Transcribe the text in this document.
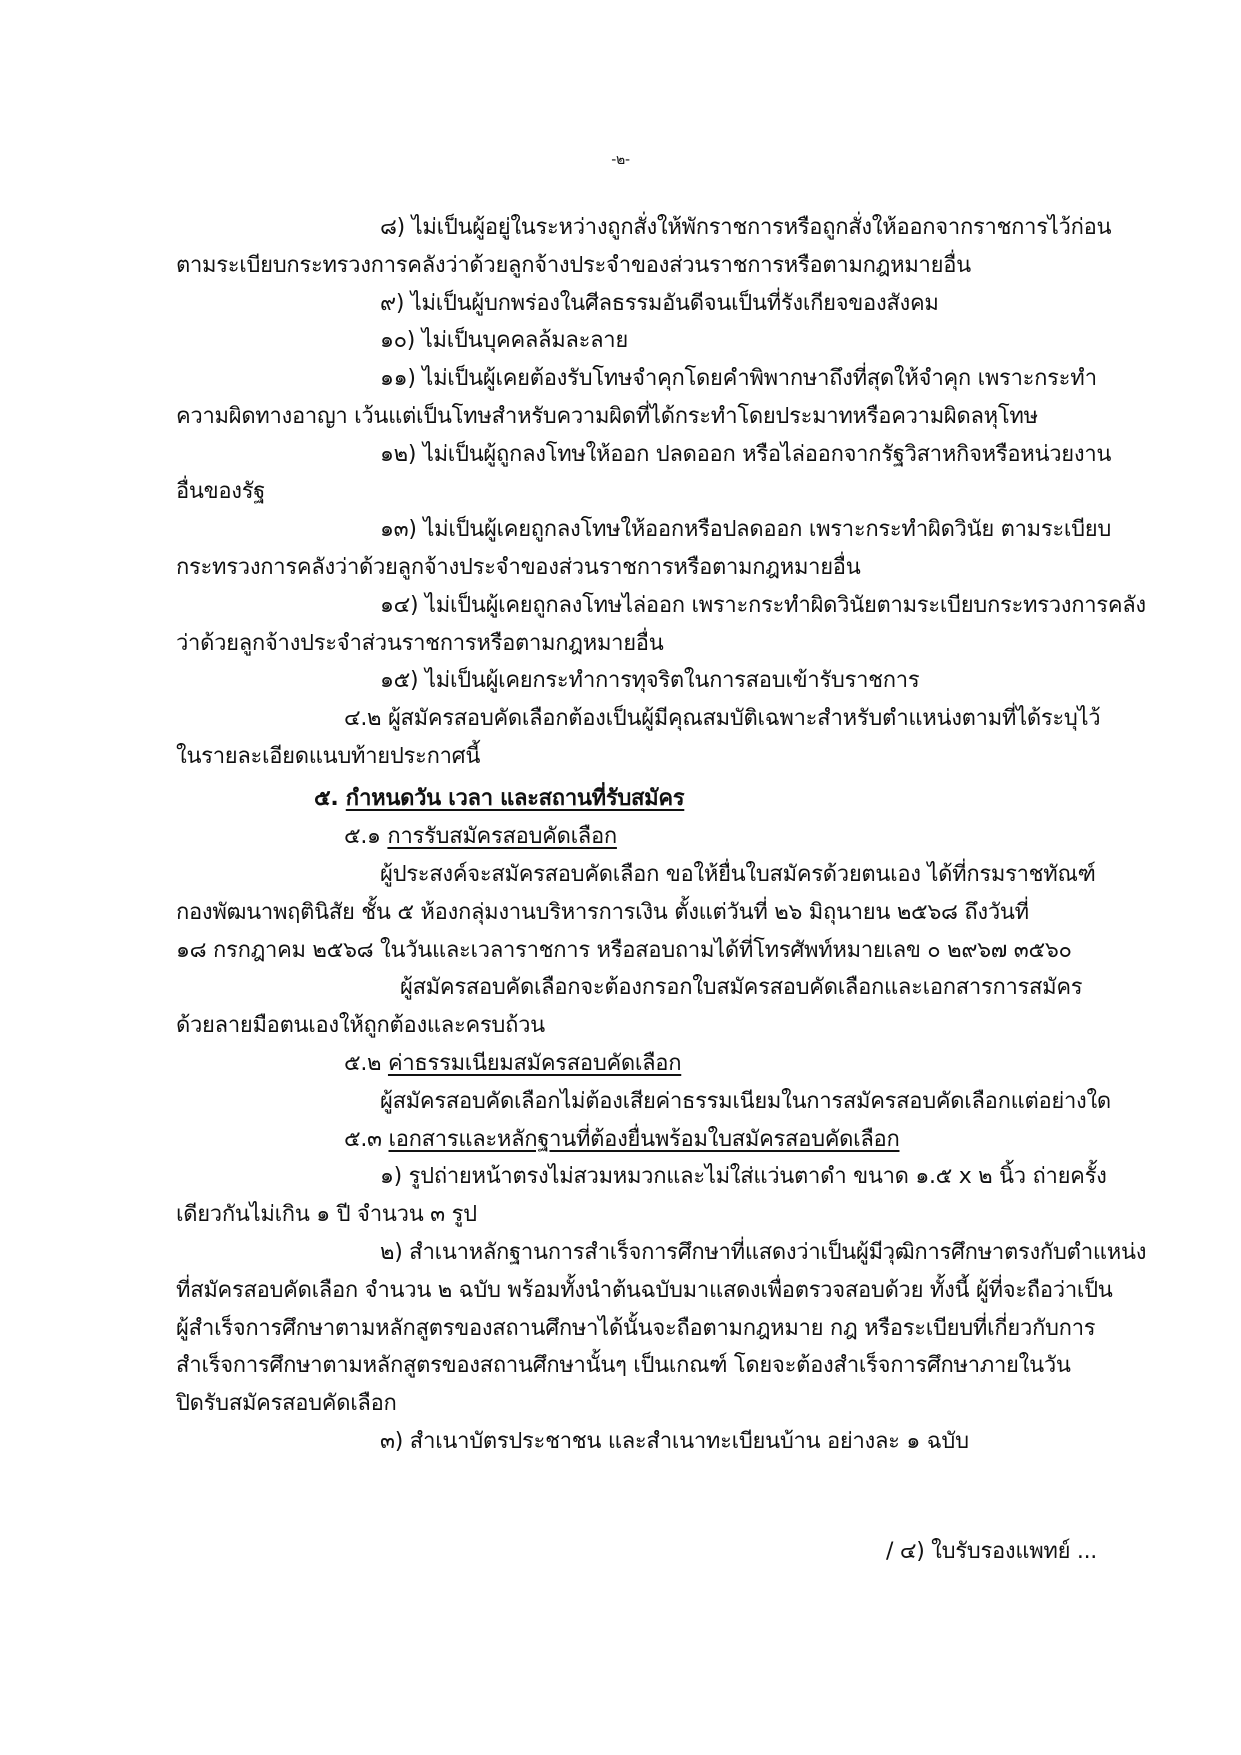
-๒-
๘) ไม่เป็นผู้อยู่ในระหว่างถูกสั่งให้พักราชการหรือถูกสั่งให้ออกจากราชการไว้ก่อน
ตามระเบียบกระทรวงการคลังว่าด้วยลูกจ้างประจำของส่วนราชการหรือตามกฎหมายอื่น
๙) ไม่เป็นผู้บกพร่องในศีลธรรมอันดีจนเป็นที่รังเกียจของสังคม
๑๐) ไม่เป็นบุคคลล้มละลาย
๑๑) ไม่เป็นผู้เคยต้องรับโทษจำคุกโดยคำพิพากษาถึงที่สุดให้จำคุก เพราะกระทำ
ความผิดทางอาญา เว้นแต่เป็นโทษสำหรับความผิดที่ได้กระทำโดยประมาทหรือความผิดลหุโทษ
๑๒) ไม่เป็นผู้ถูกลงโทษให้ออก ปลดออก หรือไล่ออกจากรัฐวิสาหกิจหรือหน่วยงาน
อื่นของรัฐ
๑๓) ไม่เป็นผู้เคยถูกลงโทษให้ออกหรือปลดออก เพราะกระทำผิดวินัย ตามระเบียบ
กระทรวงการคลังว่าด้วยลูกจ้างประจำของส่วนราชการหรือตามกฎหมายอื่น
๑๔) ไม่เป็นผู้เคยถูกลงโทษไล่ออก เพราะกระทำผิดวินัยตามระเบียบกระทรวงการคลัง
ว่าด้วยลูกจ้างประจำส่วนราชการหรือตามกฎหมายอื่น
๑๕) ไม่เป็นผู้เคยกระทำการทุจริตในการสอบเข้ารับราชการ
๔.๒ ผู้สมัครสอบคัดเลือกต้องเป็นผู้มีคุณสมบัติเฉพาะสำหรับตำแหน่งตามที่ได้ระบุไว้
ในรายละเอียดแนบท้ายประกาศนี้
๕. กำหนดวัน เวลา และสถานที่รับสมัคร
๕.๑ การรับสมัครสอบคัดเลือก
ผู้ประสงค์จะสมัครสอบคัดเลือก ขอให้ยื่นใบสมัครด้วยตนเอง ได้ที่กรมราชทัณฑ์
กองพัฒนาพฤตินิสัย ชั้น ๕ ห้องกลุ่มงานบริหารการเงิน ตั้งแต่วันที่ ๒๖ มิถุนายน ๒๕๖๘ ถึงวันที่
๑๘ กรกฎาคม ๒๕๖๘ ในวันและเวลาราชการ หรือสอบถามได้ที่โทรศัพท์หมายเลข ๐ ๒๙๖๗ ๓๕๖๐
ผู้สมัครสอบคัดเลือกจะต้องกรอกใบสมัครสอบคัดเลือกและเอกสารการสมัคร
ด้วยลายมือตนเองให้ถูกต้องและครบถ้วน
๕.๒ ค่าธรรมเนียมสมัครสอบคัดเลือก
ผู้สมัครสอบคัดเลือกไม่ต้องเสียค่าธรรมเนียมในการสมัครสอบคัดเลือกแต่อย่างใด
๕.๓ เอกสารและหลักฐานที่ต้องยื่นพร้อมใบสมัครสอบคัดเลือก
๑) รูปถ่ายหน้าตรงไม่สวมหมวกและไม่ใส่แว่นตาดำ ขนาด ๑.๕ x ๒ นิ้ว ถ่ายครั้ง
เดียวกันไม่เกิน ๑ ปี จำนวน ๓ รูป
๒) สำเนาหลักฐานการสำเร็จการศึกษาที่แสดงว่าเป็นผู้มีวุฒิการศึกษาตรงกับตำแหน่ง
ที่สมัครสอบคัดเลือก จำนวน ๒ ฉบับ พร้อมทั้งนำต้นฉบับมาแสดงเพื่อตรวจสอบด้วย ทั้งนี้ ผู้ที่จะถือว่าเป็น
ผู้สำเร็จการศึกษาตามหลักสูตรของสถานศึกษาได้นั้นจะถือตามกฎหมาย กฎ หรือระเบียบที่เกี่ยวกับการ
สำเร็จการศึกษาตามหลักสูตรของสถานศึกษานั้นๆ เป็นเกณฑ์ โดยจะต้องสำเร็จการศึกษาภายในวัน
ปิดรับสมัครสอบคัดเลือก
๓) สำเนาบัตรประชาชน และสำเนาทะเบียนบ้าน อย่างละ ๑ ฉบับ
/ ๔) ใบรับรองแพทย์ ...
